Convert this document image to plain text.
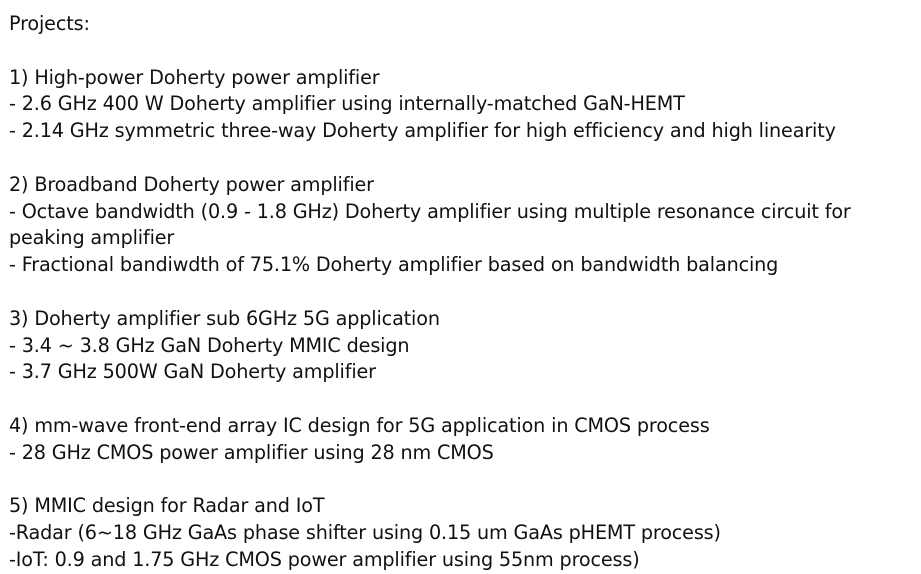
Projects:
1) High-power Doherty power amplifier
- 2.6 GHz 400 W Doherty amplifier using internally-matched GaN-HEMT
- 2.14 GHz symmetric three-way Doherty amplifier for high efficiency and high linearity
2) Broadband Doherty power amplifier
- Octave bandwidth (0.9 - 1.8 GHz) Doherty amplifier using multiple resonance circuit for
peaking amplifier
- Fractional bandiwdth of 75.1% Doherty amplifier based on bandwidth balancing
3) Doherty amplifier sub 6GHz 5G application
- 3.4 ~ 3.8 GHz GaN Doherty MMIC design
- 3.7 GHz 500W GaN Doherty amplifier
4) mm-wave front-end array IC design for 5G application in CMOS process
- 28 GHz CMOS power amplifier using 28 nm CMOS
5) MMIC design for Radar and IoT
-Radar (6~18 GHz GaAs phase shifter using 0.15 um GaAs pHEMT process)
-IoT: 0.9 and 1.75 GHz CMOS power amplifier using 55nm process)
